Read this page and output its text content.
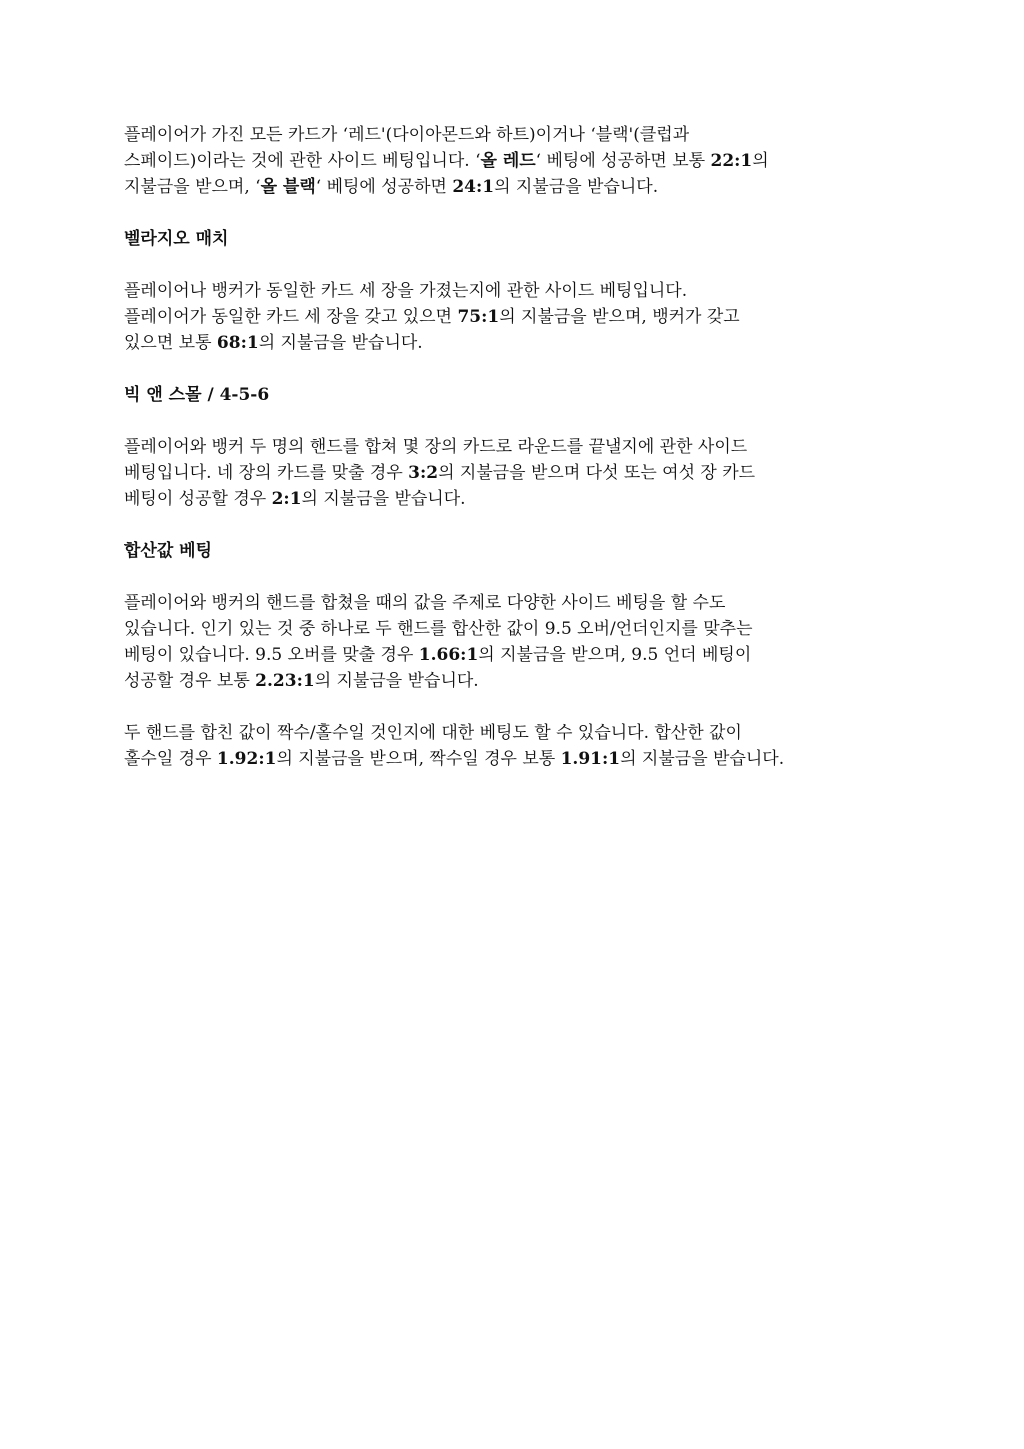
플레이어가 가진 모든 카드가 ‘레드'(다이아몬드와 하트)이거나 ‘블랙'(클럽과
스페이드)이라는 것에 관한 사이드 베팅입니다. ‘올 레드‘ 베팅에 성공하면 보통 22:1의
지불금을 받으며, ‘올 블랙‘ 베팅에 성공하면 24:1의 지불금을 받습니다.
벨라지오 매치
플레이어나 뱅커가 동일한 카드 세 장을 가졌는지에 관한 사이드 베팅입니다.
플레이어가 동일한 카드 세 장을 갖고 있으면 75:1의 지불금을 받으며, 뱅커가 갖고
있으면 보통 68:1의 지불금을 받습니다.
빅 앤 스몰 / 4-5-6
플레이어와 뱅커 두 명의 핸드를 합쳐 몇 장의 카드로 라운드를 끝낼지에 관한 사이드
베팅입니다. 네 장의 카드를 맞출 경우 3:2의 지불금을 받으며 다섯 또는 여섯 장 카드
베팅이 성공할 경우 2:1의 지불금을 받습니다.
합산값 베팅
플레이어와 뱅커의 핸드를 합쳤을 때의 값을 주제로 다양한 사이드 베팅을 할 수도
있습니다. 인기 있는 것 중 하나로 두 핸드를 합산한 값이 9.5 오버/언더인지를 맞추는
베팅이 있습니다. 9.5 오버를 맞출 경우 1.66:1의 지불금을 받으며, 9.5 언더 베팅이
성공할 경우 보통 2.23:1의 지불금을 받습니다.
두 핸드를 합친 값이 짝수/홀수일 것인지에 대한 베팅도 할 수 있습니다. 합산한 값이
홀수일 경우 1.92:1의 지불금을 받으며, 짝수일 경우 보통 1.91:1의 지불금을 받습니다.
